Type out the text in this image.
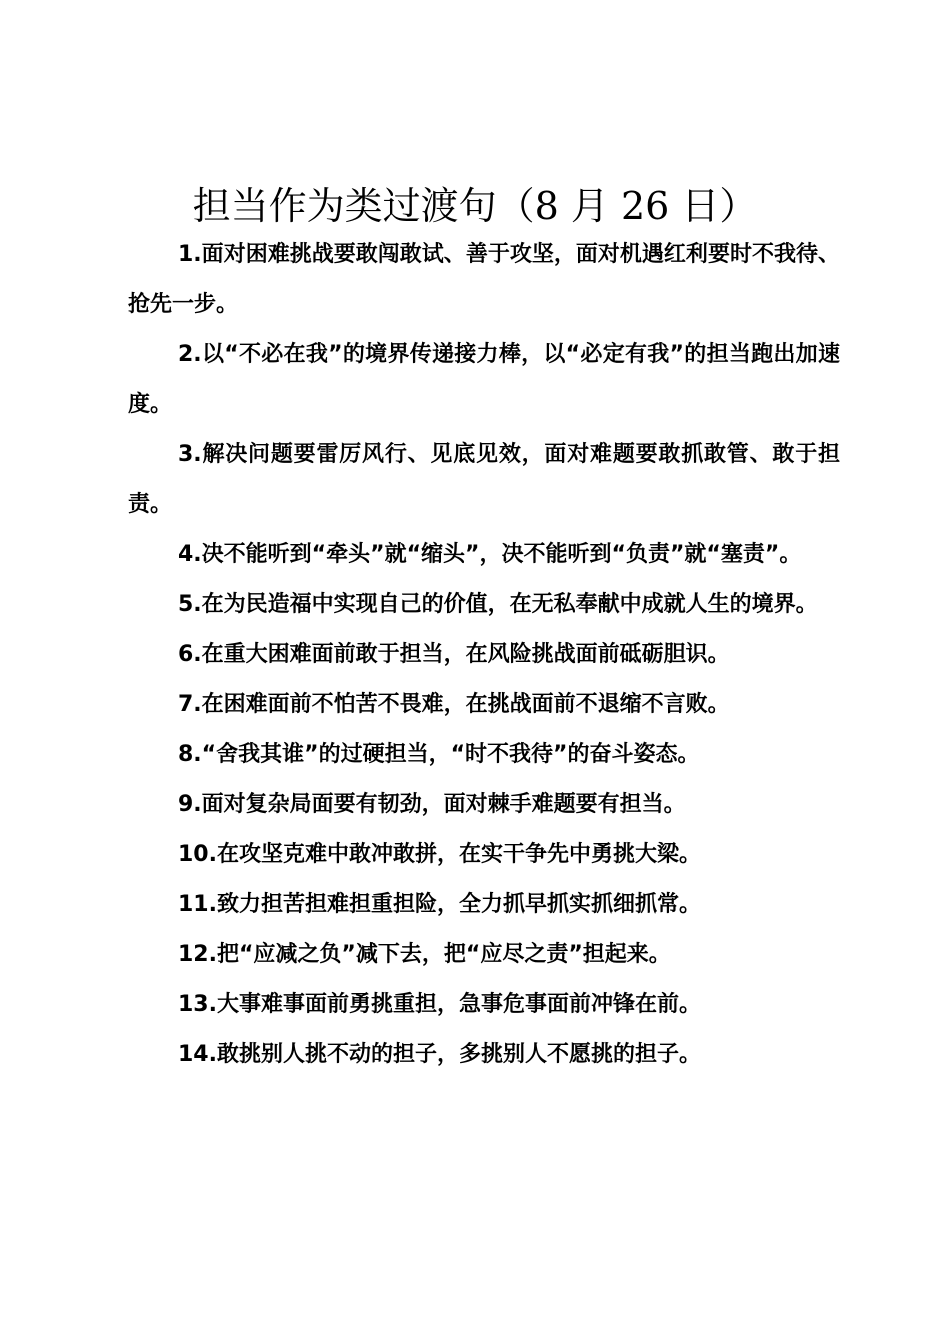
担当作为类过渡句（8 月 26 日）

1.面对困难挑战要敢闯敢试、善于攻坚，面对机遇红利要时不我待、抢先一步。

2.以“不必在我”的境界传递接力棒，以“必定有我”的担当跑出加速度。

3.解决问题要雷厉风行、见底见效，面对难题要敢抓敢管、敢于担责。

4.决不能听到“牵头”就“缩头”，决不能听到“负责”就“塞责”。

5.在为民造福中实现自己的价值，在无私奉献中成就人生的境界。

6.在重大困难面前敢于担当，在风险挑战面前砥砺胆识。

7.在困难面前不怕苦不畏难，在挑战面前不退缩不言败。

8.“舍我其谁”的过硬担当，“时不我待”的奋斗姿态。

9.面对复杂局面要有韧劲，面对棘手难题要有担当。

10.在攻坚克难中敢冲敢拼，在实干争先中勇挑大梁。

11.致力担苦担难担重担险，全力抓早抓实抓细抓常。

12.把“应减之负”减下去，把“应尽之责”担起来。

13.大事难事面前勇挑重担，急事危事面前冲锋在前。

14.敢挑别人挑不动的担子，多挑别人不愿挑的担子。
